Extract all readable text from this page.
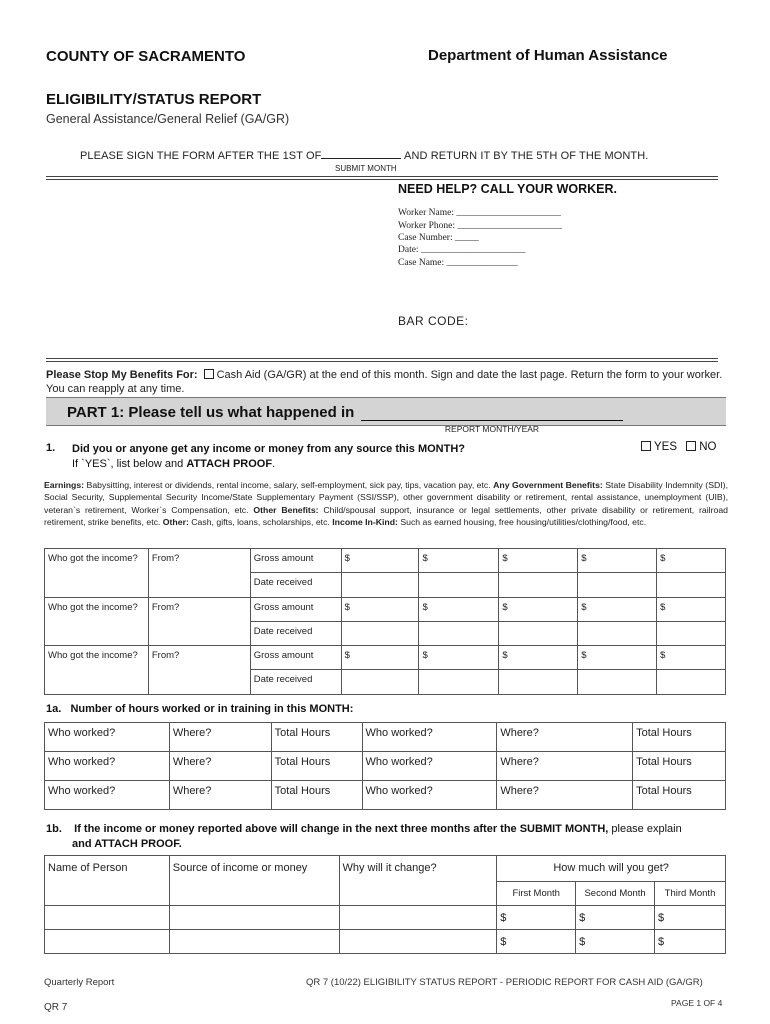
COUNTY OF SACRAMENTO	Department of Human Assistance
ELIGIBILITY/STATUS REPORT
General Assistance/General Relief (GA/GR)
PLEASE SIGN THE FORM AFTER THE 1ST OF	AND RETURN IT BY THE 5TH OF THE MONTH.
SUBMIT MONTH
NEED HELP? CALL YOUR WORKER.
Worker Name: ______________________
Worker Phone: ______________________
Case Number: _____
Date: ______________________
Case Name: _______________
BAR CODE:
Please Stop My Benefits For: Cash Aid (GA/GR) at the end of this month. Sign and date the last page. Return the form to your worker. You can reapply at any time.
PART 1: Please tell us what happened in
REPORT MONTH/YEAR
1. Did you or anyone get any income or money from any source this MONTH?
If `YES`, list below and ATTACH PROOF.
YES NO
Earnings: Babysitting, interest or dividends, rental income, salary, self-employment, sick pay, tips, vacation pay, etc. Any Government Benefits: State Disability Indemnity (SDI), Social Security, Supplemental Security Income/State Supplementary Payment (SSI/SSP), other government disability or retirement, rental assistance, unemployment (UIB), veteran`s retirement, Worker`s Compensation, etc. Other Benefits: Child/spousal support, insurance or legal settlements, other private disability or retirement, railroad retirement, strike benefits, etc. Other: Cash, gifts, loans, scholarships, etc. Income In-Kind: Such as earned housing, free housing/utilities/clothing/food, etc.
Who got the income?	From?	Gross amount	$	$	$	$	$
		Date received					
Who got the income?	From?	Gross amount	$	$	$	$	$
		Date received					
Who got the income?	From?	Gross amount	$	$	$	$	$
		Date received					
1a. Number of hours worked or in training in this MONTH:
Who worked?	Where?	Total Hours	Who worked?	Where?	Total Hours
Who worked?	Where?	Total Hours	Who worked?	Where?	Total Hours
Who worked?	Where?	Total Hours	Who worked?	Where?	Total Hours
1b. If the income or money reported above will change in the next three months after the SUBMIT MONTH, please explain
and ATTACH PROOF.
Name of Person	Source of income or money	Why will it change?	How much will you get?		
			First Month	Second Month	Third Month
			$	$	$
			$	$	$
Quarterly Report	QR 7 (10/22) ELIGIBILITY STATUS REPORT - PERIODIC REPORT FOR CASH AID (GA/GR)
PAGE 1 OF 4
QR 7
